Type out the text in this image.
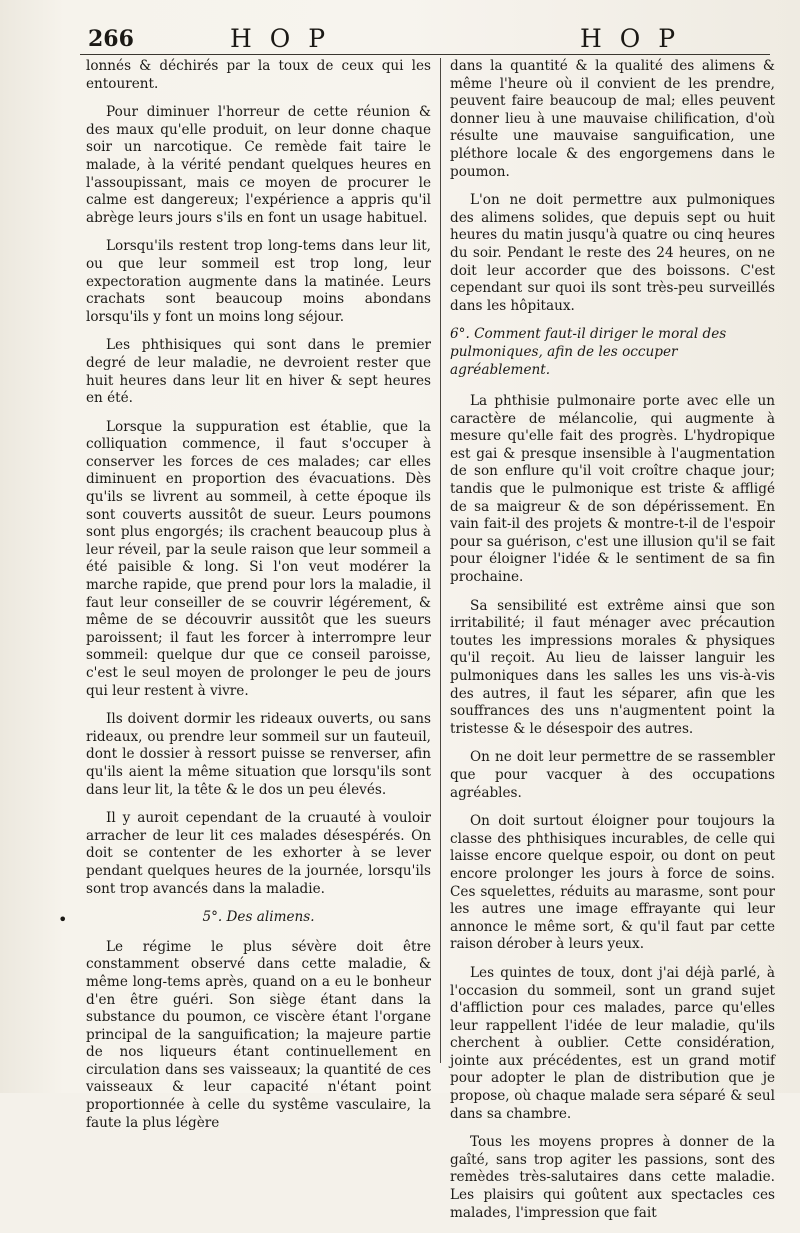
266	H O P	H O P
•

lonnés & déchirés par la toux de ceux qui les entourent.

Pour diminuer l'horreur de cette réunion & des maux qu'elle produit, on leur donne chaque soir un narcotique. Ce remède fait taire le malade, à la vérité pendant quelques heures en l'assoupissant, mais ce moyen de procurer le calme est dangereux; l'expérience a appris qu'il abrège leurs jours s'ils en font un usage habituel.

Lorsqu'ils restent trop long-tems dans leur lit, ou que leur sommeil est trop long, leur expectoration augmente dans la matinée. Leurs crachats sont beaucoup moins abondans lorsqu'ils y font un moins long séjour.

Les phthisiques qui sont dans le premier degré de leur maladie, ne devroient rester que huit heures dans leur lit en hiver & sept heures en été.

Lorsque la suppuration est établie, que la colliquation commence, il faut s'occuper à conserver les forces de ces malades; car elles diminuent en proportion des évacuations. Dès qu'ils se livrent au sommeil, à cette époque ils sont couverts aussitôt de sueur. Leurs poumons sont plus engorgés; ils crachent beaucoup plus à leur réveil, par la seule raison que leur sommeil a été paisible & long. Si l'on veut modérer la marche rapide, que prend pour lors la maladie, il faut leur conseiller de se couvrir légérement, & même de se découvrir aussitôt que les sueurs paroissent; il faut les forcer à interrompre leur sommeil: quelque dur que ce conseil paroisse, c'est le seul moyen de prolonger le peu de jours qui leur restent à vivre.

Ils doivent dormir les rideaux ouverts, ou sans rideaux, ou prendre leur sommeil sur un fauteuil, dont le dossier à ressort puisse se renverser, afin qu'ils aient la même situation que lorsqu'ils sont dans leur lit, la tête & le dos un peu élevés.

Il y auroit cependant de la cruauté à vouloir arracher de leur lit ces malades désespérés. On doit se contenter de les exhorter à se lever pendant quelques heures de la journée, lorsqu'ils sont trop avancés dans la maladie.

5°. Des alimens.

Le régime le plus sévère doit être constamment observé dans cette maladie, & même long-tems après, quand on a eu le bonheur d'en être guéri. Son siège étant dans la substance du poumon, ce viscère étant l'organe principal de la sanguification; la majeure partie de nos liqueurs étant continuellement en circulation dans ses vaisseaux; la quantité de ces vaisseaux & leur capacité n'étant point proportionnée à celle du systême vasculaire, la faute la plus légère

dans la quantité & la qualité des alimens & même l'heure où il convient de les prendre, peuvent faire beaucoup de mal; elles peuvent donner lieu à une mauvaise chilification, d'où résulte une mauvaise sanguification, une pléthore locale & des engorgemens dans le poumon.

L'on ne doit permettre aux pulmoniques des alimens solides, que depuis sept ou huit heures du matin jusqu'à quatre ou cinq heures du soir. Pendant le reste des 24 heures, on ne doit leur accorder que des boissons. C'est cependant sur quoi ils sont très-peu surveillés dans les hôpitaux.

6°. Comment faut-il diriger le moral des pulmoniques, afin de les occuper agréablement.

La phthisie pulmonaire porte avec elle un caractère de mélancolie, qui augmente à mesure qu'elle fait des progrès. L'hydropique est gai & presque insensible à l'augmentation de son enflure qu'il voit croître chaque jour; tandis que le pulmonique est triste & affligé de sa maigreur & de son dépérissement. En vain fait-il des projets & montre-t-il de l'espoir pour sa guérison, c'est une illusion qu'il se fait pour éloigner l'idée & le sentiment de sa fin prochaine.

Sa sensibilité est extrême ainsi que son irritabilité; il faut ménager avec précaution toutes les impressions morales & physiques qu'il reçoit. Au lieu de laisser languir les pulmoniques dans les salles les uns vis-à-vis des autres, il faut les séparer, afin que les souffrances des uns n'augmentent point la tristesse & le désespoir des autres.

On ne doit leur permettre de se rassembler que pour vacquer à des occupations agréables.

On doit surtout éloigner pour toujours la classe des phthisiques incurables, de celle qui laisse encore quelque espoir, ou dont on peut encore prolonger les jours à force de soins. Ces squelettes, réduits au marasme, sont pour les autres une image effrayante qui leur annonce le même sort, & qu'il faut par cette raison dérober à leurs yeux.

Les quintes de toux, dont j'ai déjà parlé, à l'occasion du sommeil, sont un grand sujet d'affliction pour ces malades, parce qu'elles leur rappellent l'idée de leur maladie, qu'ils cherchent à oublier. Cette considération, jointe aux précédentes, est un grand motif pour adopter le plan de distribution que je propose, où chaque malade sera séparé & seul dans sa chambre.

Tous les moyens propres à donner de la gaîté, sans trop agiter les passions, sont des remèdes très-salutaires dans cette maladie. Les plaisirs qui goûtent aux spectacles ces malades, l'impression que fait
